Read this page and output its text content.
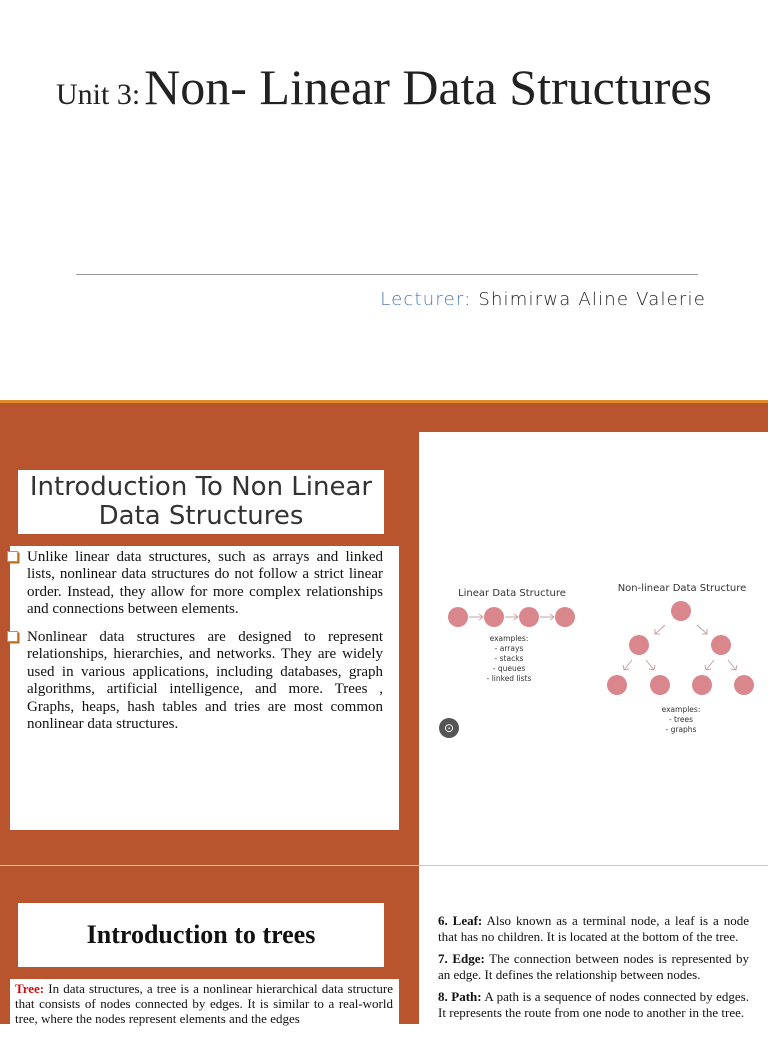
Unit 3: Non- Linear Data Structures
Lecturer: Shimirwa Aline Valerie
Introduction To Non Linear Data Structures
Unlike linear data structures, such as arrays and linked lists, nonlinear data structures do not follow a strict linear order. Instead, they allow for more complex relationships and connections between elements.
Nonlinear data structures are designed to represent relationships, hierarchies, and networks. They are widely used in various applications, including databases, graph algorithms, artificial intelligence, and more. Trees , Graphs, heaps, hash tables and tries are most common nonlinear data structures.
Linear Data Structure
examples:
- arrays
- stacks
- queues
- linked lists
Non-linear Data Structure
examples:
- trees
- graphs
⊙
Introduction to trees
Tree: In data structures, a tree is a nonlinear hierarchical data structure that consists of nodes connected by edges. It is similar to a real-world tree, where the nodes represent elements and the edges

6. Leaf: Also known as a terminal node, a leaf is a node that has no children. It is located at the bottom of the tree.

7. Edge: The connection between nodes is represented by an edge. It defines the relationship between nodes.

8. Path: A path is a sequence of nodes connected by edges. It represents the route from one node to another in the tree.
